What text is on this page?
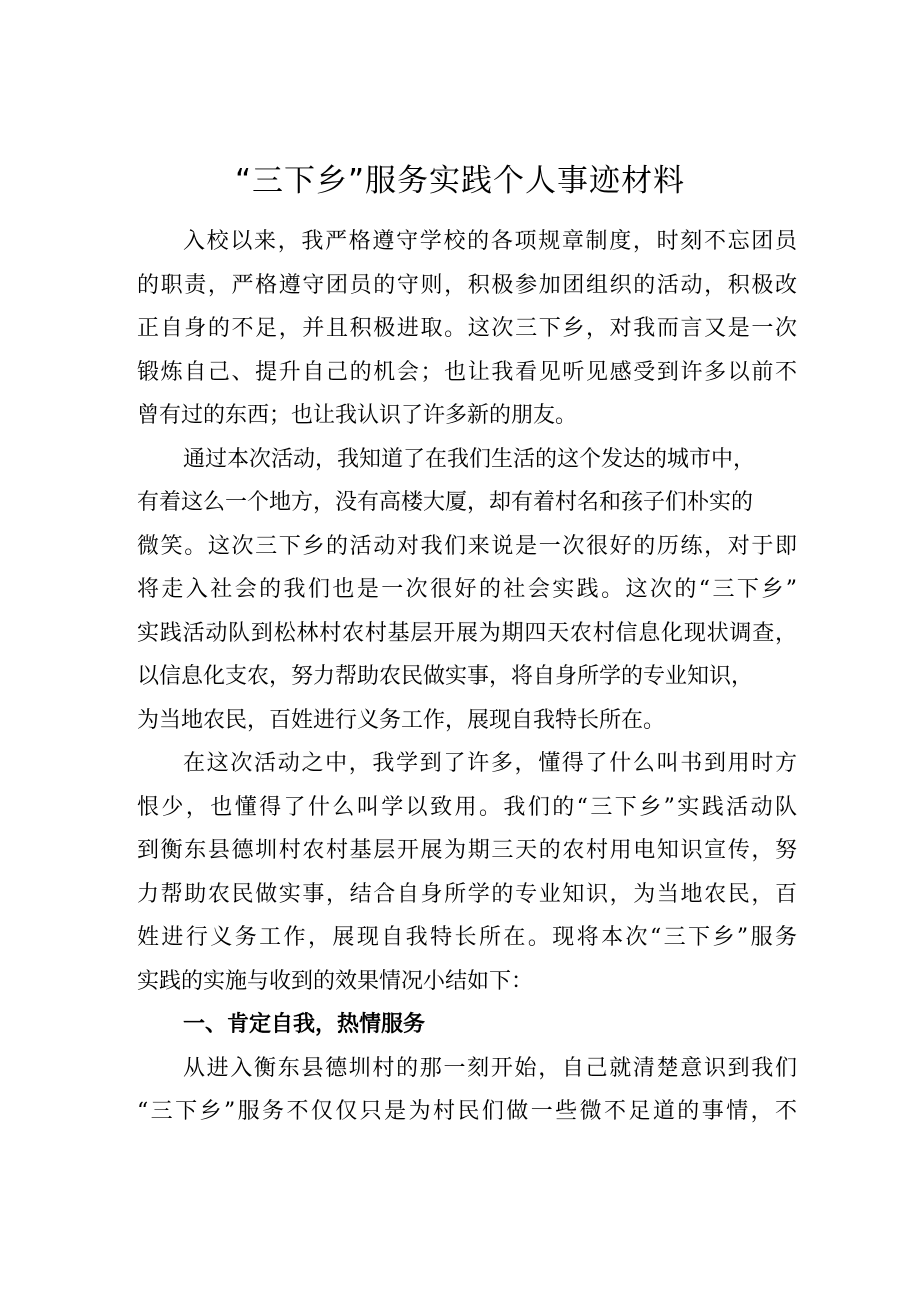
“三下乡”服务实践个人事迹材料
入校以来，我严格遵守学校的各项规章制度，时刻不忘团员
的职责，严格遵守团员的守则，积极参加团组织的活动，积极改
正自身的不足，并且积极进取。这次三下乡，对我而言又是一次
锻炼自己、提升自己的机会；也让我看见听见感受到许多以前不
曾有过的东西；也让我认识了许多新的朋友。
通过本次活动，我知道了在我们生活的这个发达的城市中，
有着这么一个地方，没有高楼大厦，却有着村名和孩子们朴实的
微笑。这次三下乡的活动对我们来说是一次很好的历练，对于即
将走入社会的我们也是一次很好的社会实践。这次的“三下乡”
实践活动队到松林村农村基层开展为期四天农村信息化现状调查，
以信息化支农，努力帮助农民做实事，将自身所学的专业知识，
为当地农民，百姓进行义务工作，展现自我特长所在。
在这次活动之中，我学到了许多，懂得了什么叫书到用时方
恨少，也懂得了什么叫学以致用。我们的“三下乡”实践活动队
到衡东县德圳村农村基层开展为期三天的农村用电知识宣传，努
力帮助农民做实事，结合自身所学的专业知识，为当地农民，百
姓进行义务工作，展现自我特长所在。现将本次“三下乡”服务
实践的实施与收到的效果情况小结如下：
一、肯定自我，热情服务
从进入衡东县德圳村的那一刻开始，自己就清楚意识到我们
“三下乡”服务不仅仅只是为村民们做一些微不足道的事情，不
